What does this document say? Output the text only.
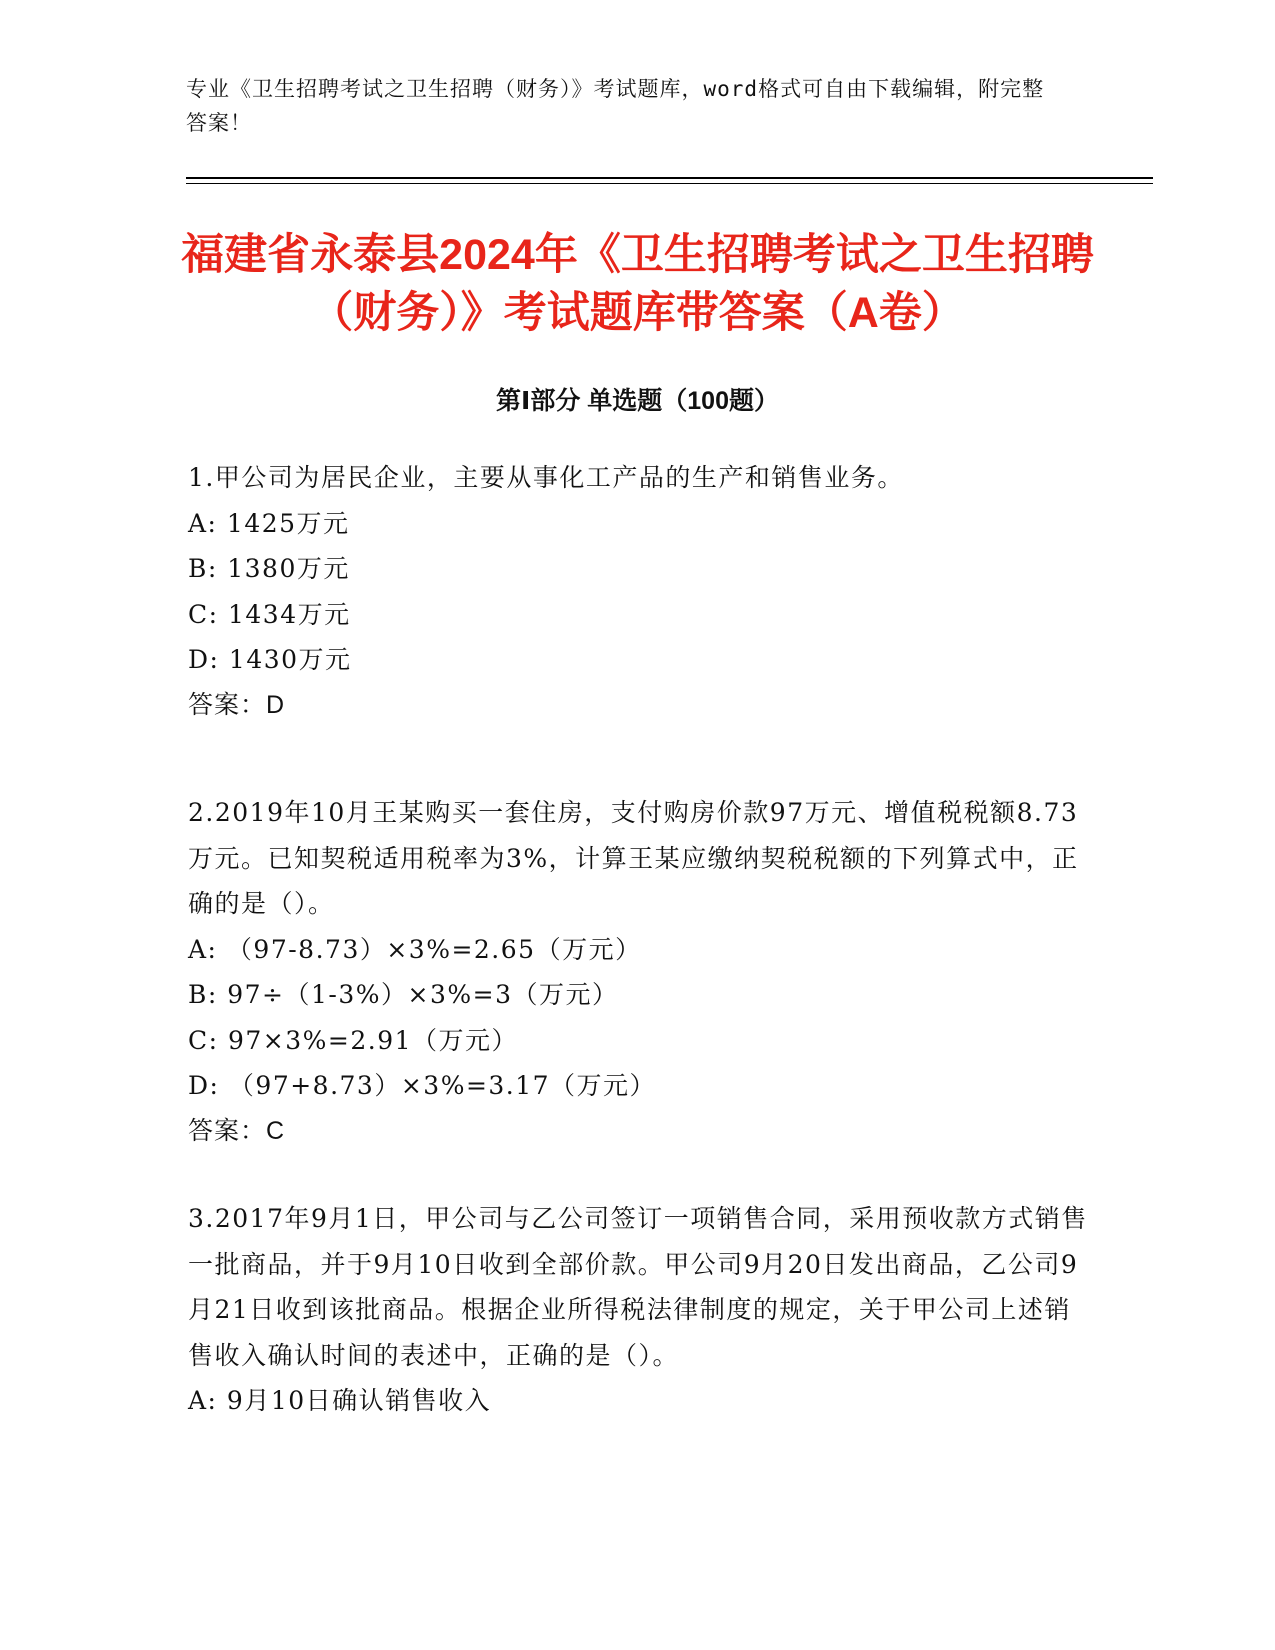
专业《卫生招聘考试之卫生招聘（财务）》考试题库，word格式可自由下载编辑，附完整答案！
福建省永泰县2024年《卫生招聘考试之卫生招聘（财务）》考试题库带答案（A卷）
第Ⅰ部分 单选题（100题）

1.甲公司为居民企业，主要从事化工产品的生产和销售业务。

A: 1425万元

B: 1380万元

C: 1434万元

D: 1430万元

答案：D

2.2019年10月王某购买一套住房，支付购房价款97万元、增值税税额8.73万元。已知契税适用税率为3%，计算王某应缴纳契税税额的下列算式中，正确的是（）。

A: （97-8.73）×3%=2.65（万元）

B: 97÷（1-3%）×3%=3（万元）

C: 97×3%=2.91（万元）

D: （97+8.73）×3%=3.17（万元）

答案：C

3.2017年9月1日，甲公司与乙公司签订一项销售合同，采用预收款方式销售一批商品，并于9月10日收到全部价款。甲公司9月20日发出商品，乙公司9月21日收到该批商品。根据企业所得税法律制度的规定，关于甲公司上述销售收入确认时间的表述中，正确的是（）。

A: 9月10日确认销售收入
